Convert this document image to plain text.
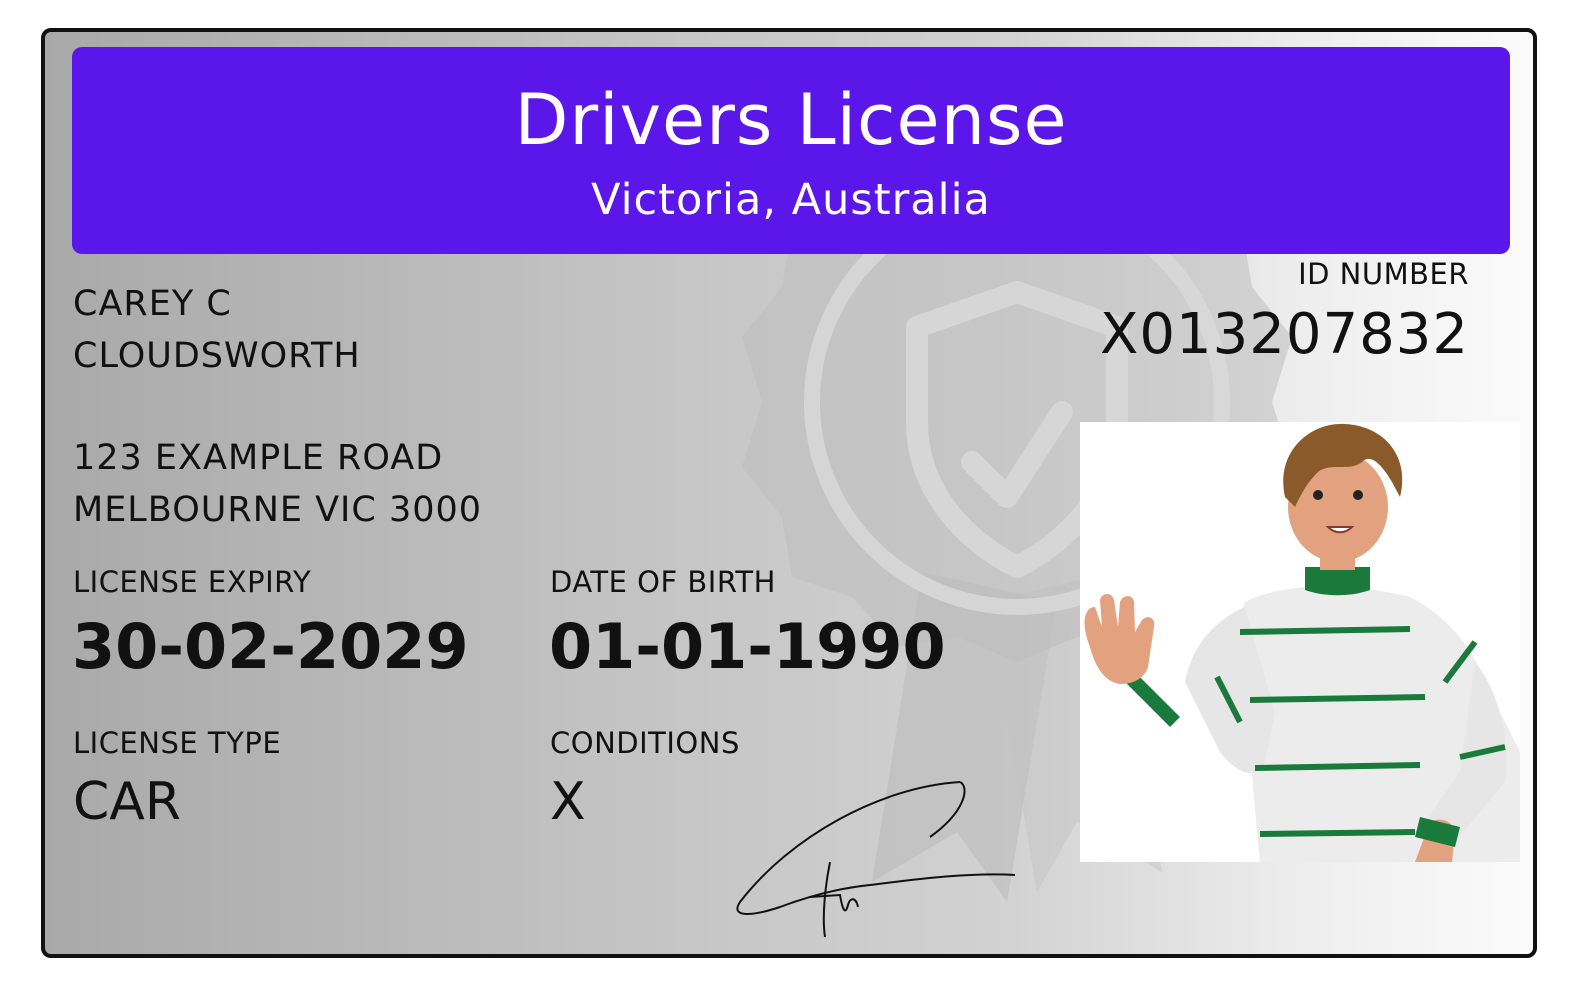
Drivers License
Victoria, Australia
CAREY C
CLOUDSWORTH
123 EXAMPLE ROAD
MELBOURNE VIC 3000
ID NUMBER
X013207832
LICENSE EXPIRY
30-02-2029
DATE OF BIRTH
01-01-1990
LICENSE TYPE
CAR
CONDITIONS
X
